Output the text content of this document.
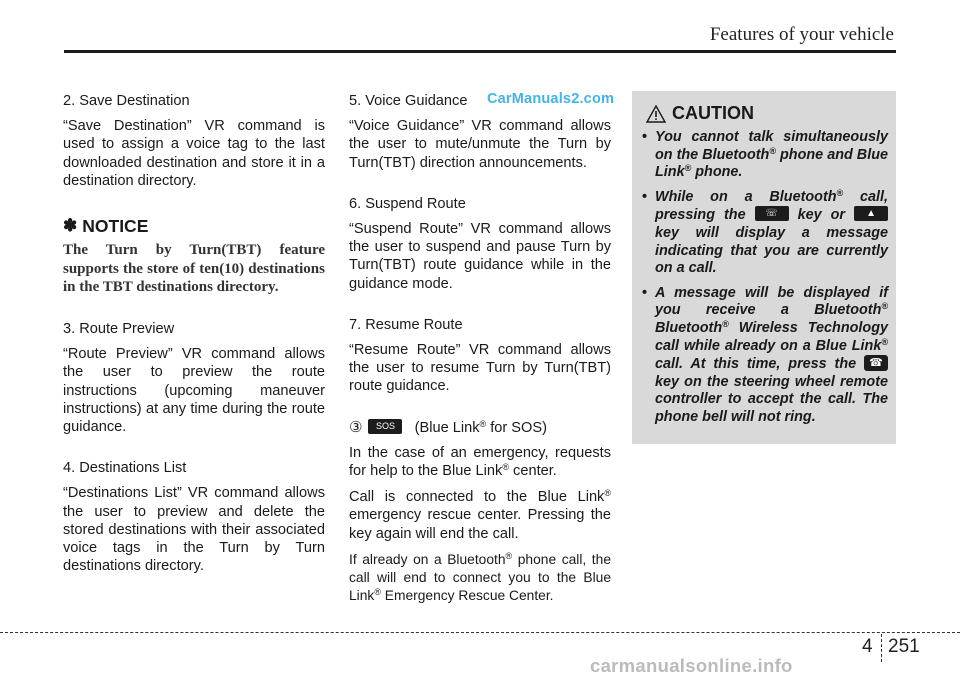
Features of your vehicle

2. Save Destination

“Save Destination” VR command is used to assign a voice tag to the last downloaded destination and store it in a destination directory.

✽ NOTICE

The Turn by Turn(TBT) feature supports the store of ten(10) destinations in the TBT destinations directory.

3. Route Preview

“Route Preview” VR command allows the user to preview the route instructions (upcoming maneuver instructions) at any time during the route guidance.

4. Destinations List

“Destinations List” VR command allows the user to preview and delete the stored destinations with their associated voice tags in the Turn by Turn destinations directory.

5. Voice Guidance

“Voice Guidance” VR command allows the user to mute/unmute the Turn by Turn(TBT) direction announcements.

6. Suspend Route

“Suspend Route” VR command allows the user to suspend and pause Turn by Turn(TBT) route guidance while in the guidance mode.

7. Resume Route

“Resume Route” VR command allows the user to resume Turn by Turn(TBT) route guidance.

③	SOS	(Blue Link® for SOS)

In the case of an emergency, requests for help to the Blue Link® center.

Call is connected to the Blue Link® emergency rescue center. Pressing the key again will end the call.

If already on a Bluetooth® phone call, the call will end to connect you to the Blue Link® Emergency Rescue Center.

CarManuals2.com
CAUTION
• You cannot talk simultaneously on the Bluetooth® phone and Blue Link® phone.
• While on a Bluetooth® call, pressing the	☏ key or	▲
key will display a message indicating that you are currently on a call.
• A message will be displayed if you receive a Bluetooth® Bluetooth® Wireless Technology call while already on a Blue Link® call. At this time, press the	☎
key on the steering wheel remote controller to accept the call. The phone bell will not ring.
4 251
carmanualsonline.info
